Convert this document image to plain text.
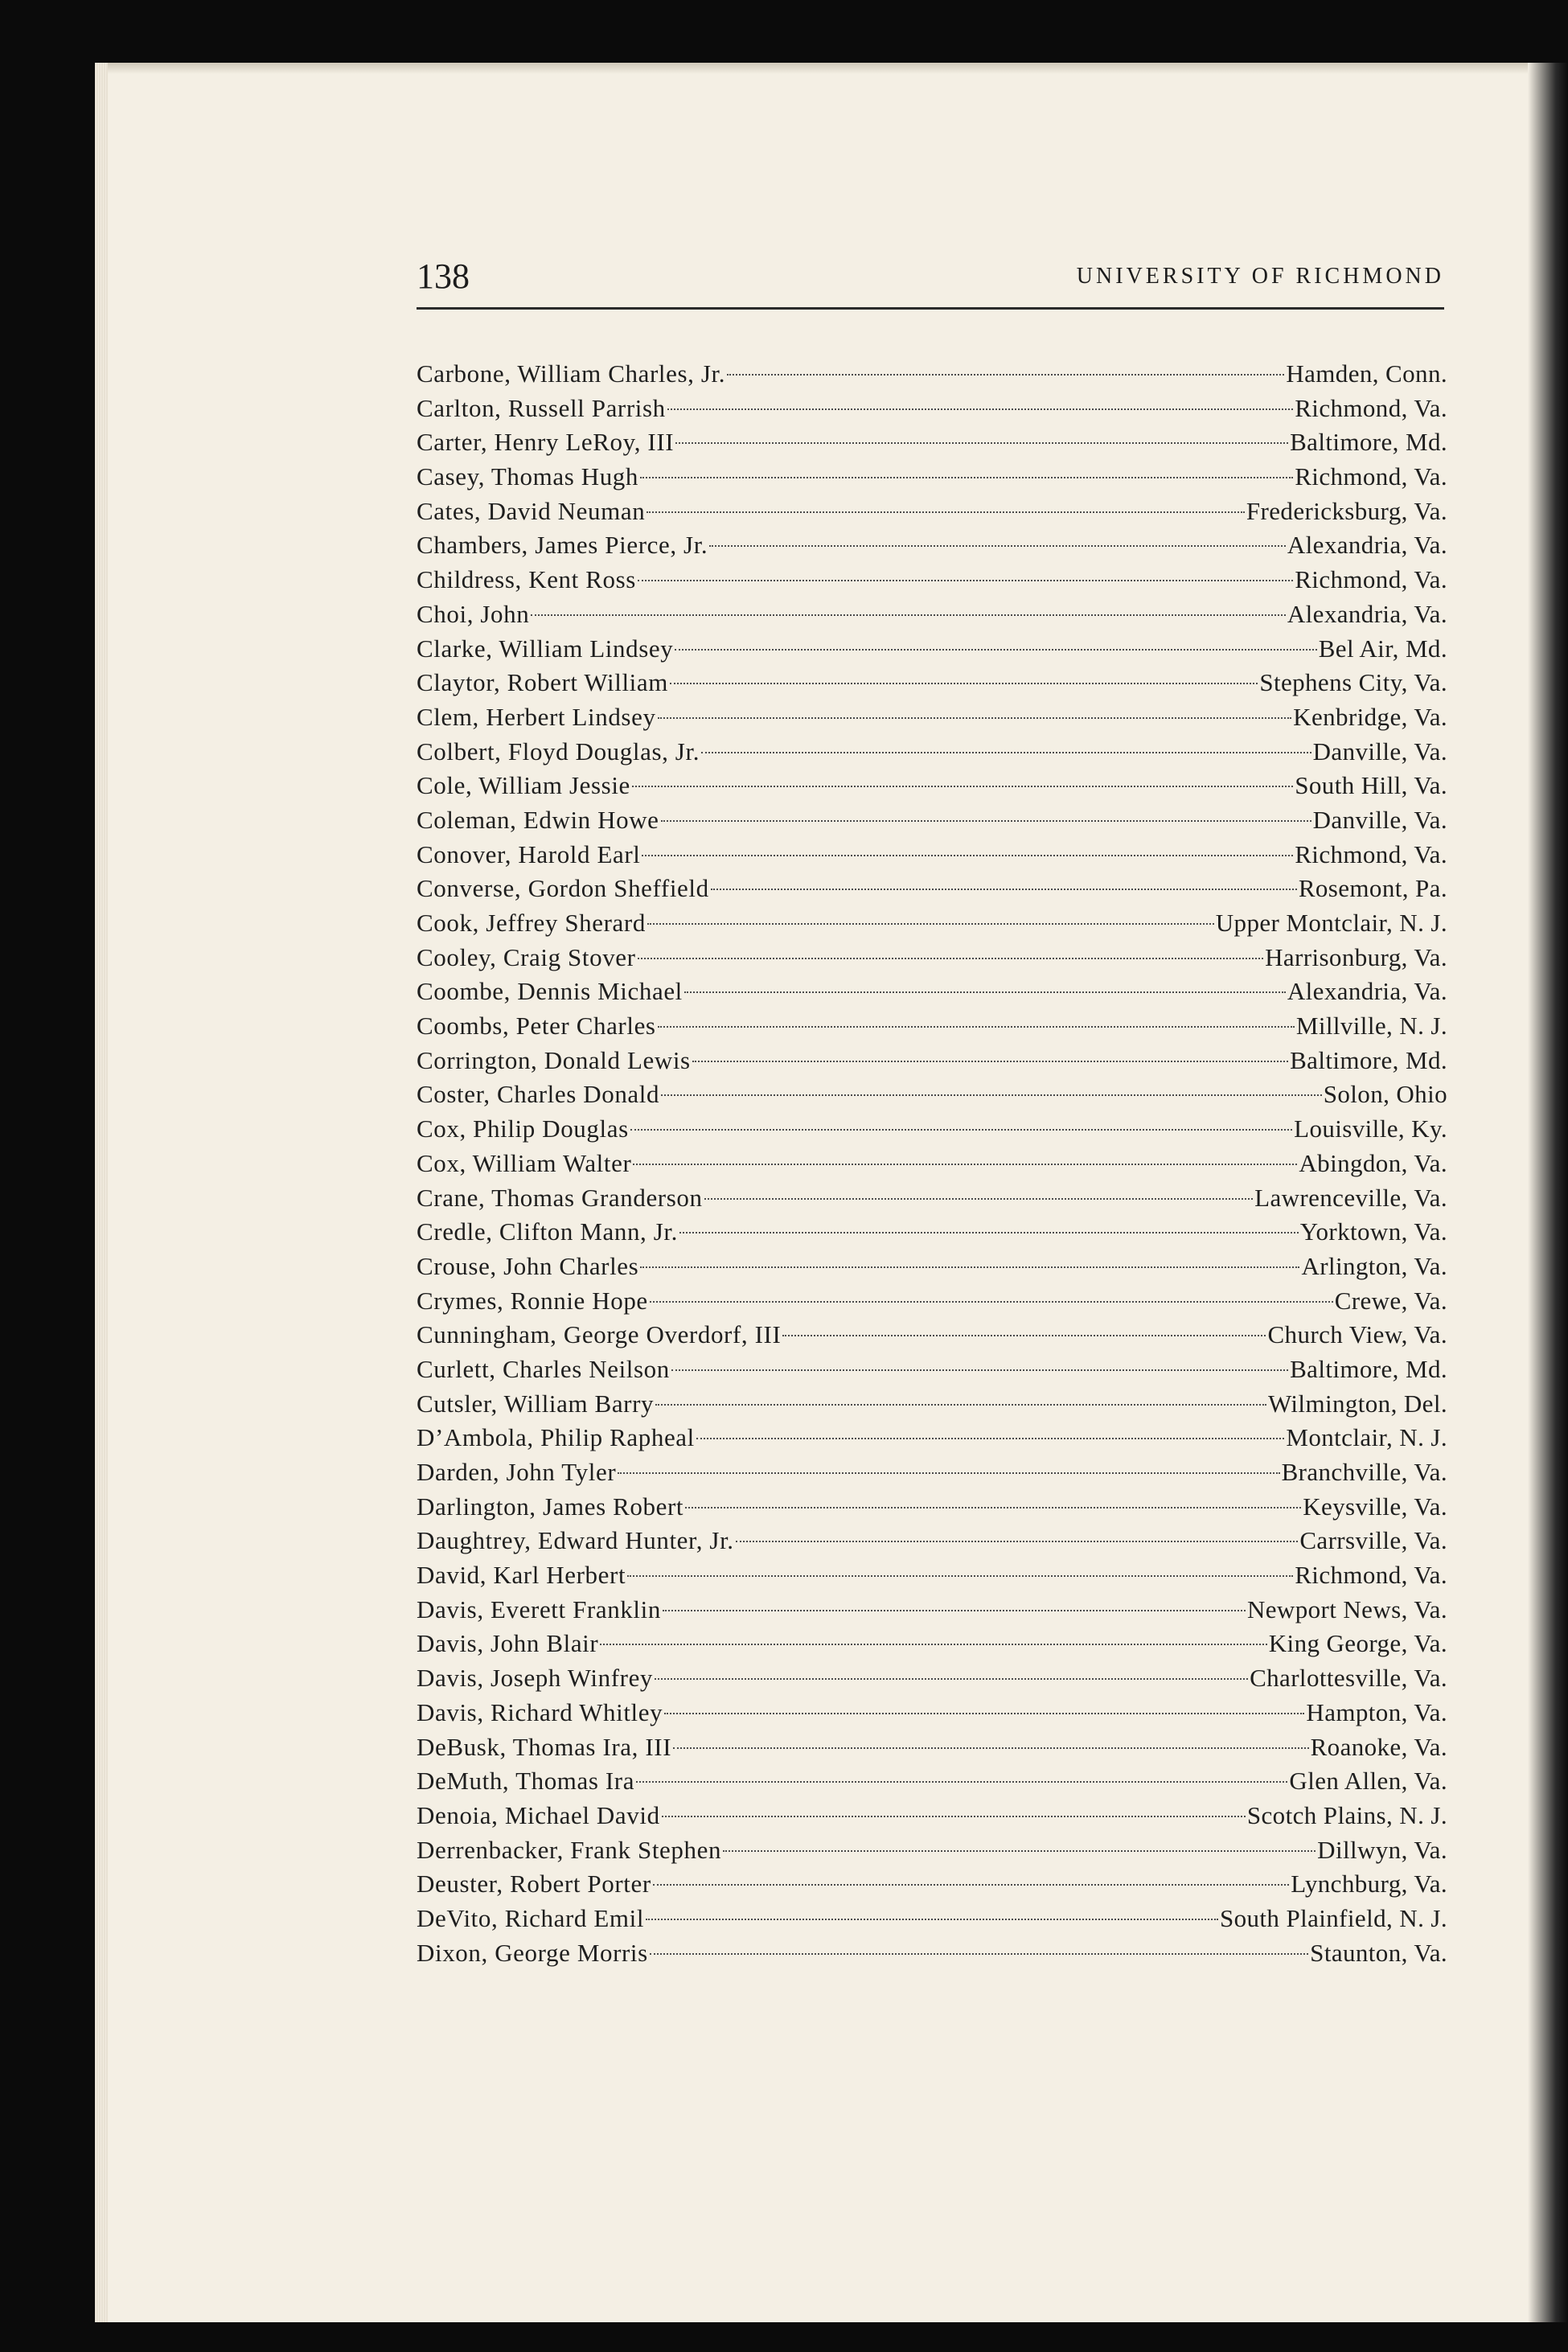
138	UNIVERSITY OF RICHMOND
Carbone, William Charles, Jr.	Hamden, Conn.
Carlton, Russell Parrish	Richmond, Va.
Carter, Henry LeRoy, III	Baltimore, Md.
Casey, Thomas Hugh	Richmond, Va.
Cates, David Neuman	Fredericksburg, Va.
Chambers, James Pierce, Jr.	Alexandria, Va.
Childress, Kent Ross	Richmond, Va.
Choi, John	Alexandria, Va.
Clarke, William Lindsey	Bel Air, Md.
Claytor, Robert William	Stephens City, Va.
Clem, Herbert Lindsey	Kenbridge, Va.
Colbert, Floyd Douglas, Jr.	Danville, Va.
Cole, William Jessie	South Hill, Va.
Coleman, Edwin Howe	Danville, Va.
Conover, Harold Earl	Richmond, Va.
Converse, Gordon Sheffield	Rosemont, Pa.
Cook, Jeffrey Sherard	Upper Montclair, N. J.
Cooley, Craig Stover	Harrisonburg, Va.
Coombe, Dennis Michael	Alexandria, Va.
Coombs, Peter Charles	Millville, N. J.
Corrington, Donald Lewis	Baltimore, Md.
Coster, Charles Donald	Solon, Ohio
Cox, Philip Douglas	Louisville, Ky.
Cox, William Walter	Abingdon, Va.
Crane, Thomas Granderson	Lawrenceville, Va.
Credle, Clifton Mann, Jr.	Yorktown, Va.
Crouse, John Charles	Arlington, Va.
Crymes, Ronnie Hope	Crewe, Va.
Cunningham, George Overdorf, III	Church View, Va.
Curlett, Charles Neilson	Baltimore, Md.
Cutsler, William Barry	Wilmington, Del.
D’Ambola, Philip Rapheal	Montclair, N. J.
Darden, John Tyler	Branchville, Va.
Darlington, James Robert	Keysville, Va.
Daughtrey, Edward Hunter, Jr.	Carrsville, Va.
David, Karl Herbert	Richmond, Va.
Davis, Everett Franklin	Newport News, Va.
Davis, John Blair	King George, Va.
Davis, Joseph Winfrey	Charlottesville, Va.
Davis, Richard Whitley	Hampton, Va.
DeBusk, Thomas Ira, III	Roanoke, Va.
DeMuth, Thomas Ira	Glen Allen, Va.
Denoia, Michael David	Scotch Plains, N. J.
Derrenbacker, Frank Stephen	Dillwyn, Va.
Deuster, Robert Porter	Lynchburg, Va.
DeVito, Richard Emil	South Plainfield, N. J.
Dixon, George Morris	Staunton, Va.
